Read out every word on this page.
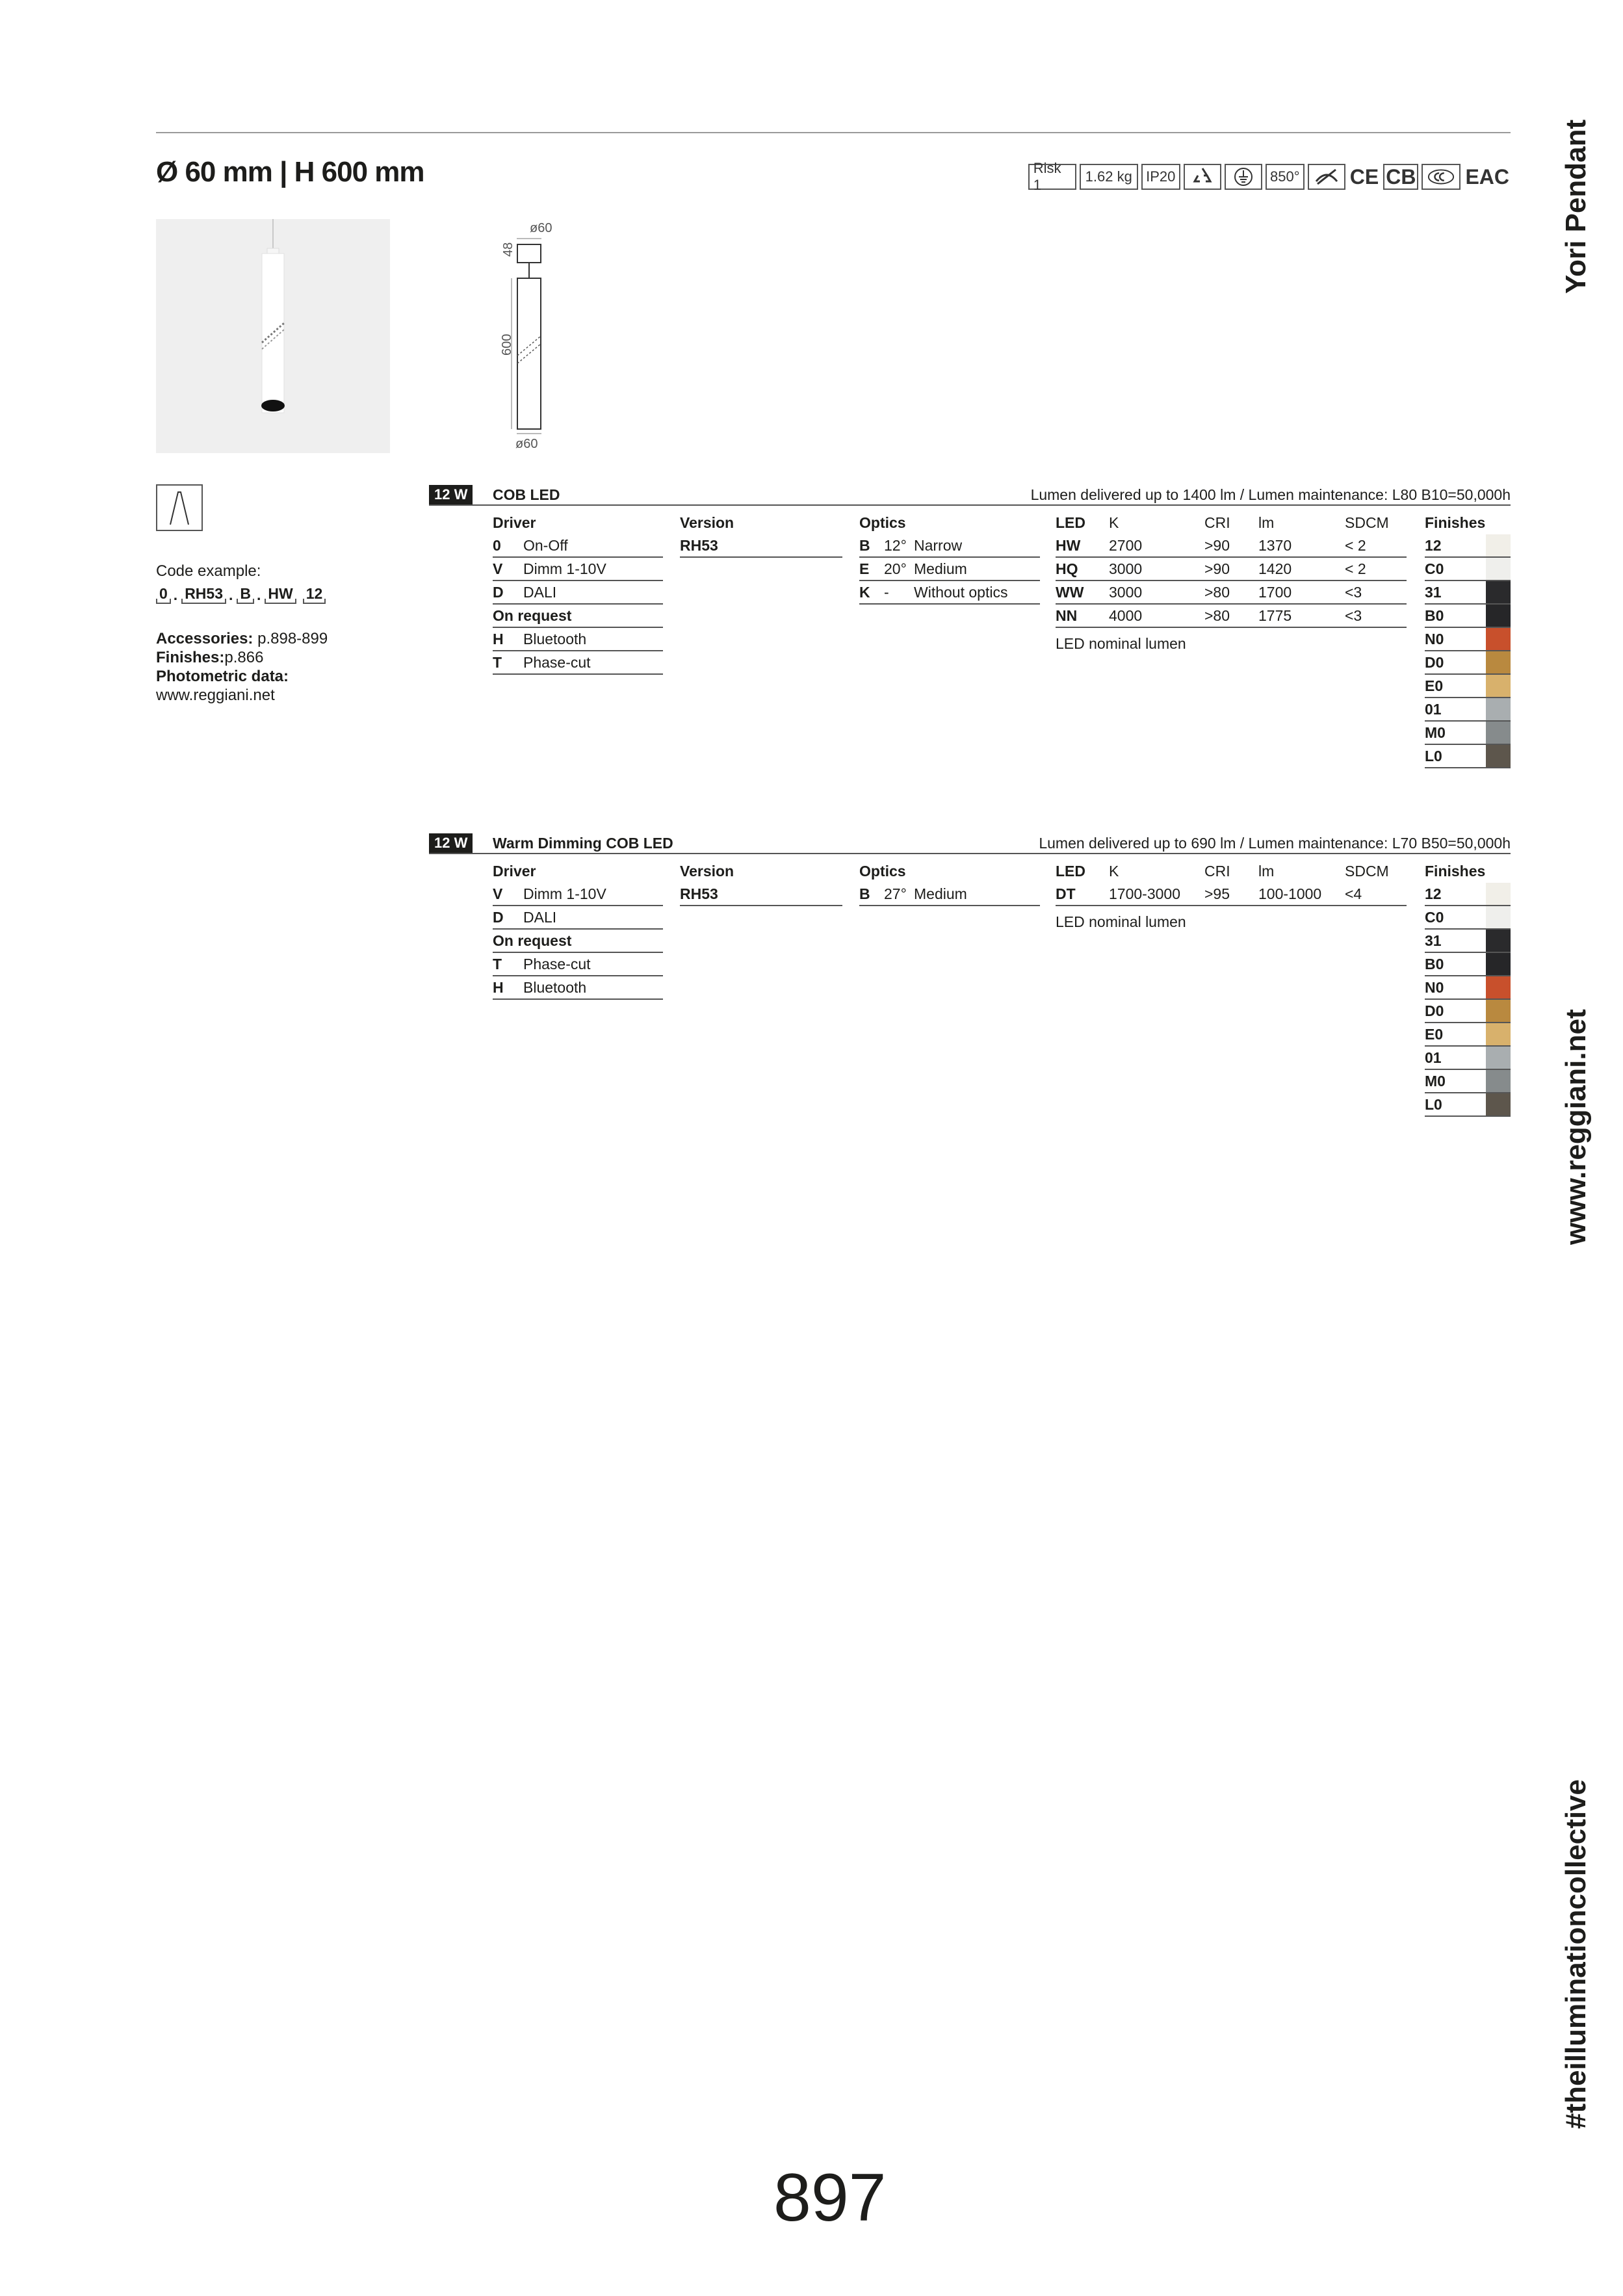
Ø 60 mm | H 600 mm	Risk 1
1.62 kg IP20	850° CE CB EAC Yori Pendant
www.reggiani.net
#theilluminationcollective
ø60
48
600
ø60
Code example:
0 . RH53 . B . HW 12
Accessories: p.898-899
Finishes:p.866
Photometric data:
www.reggiani.net
12 W	COB LED	Lumen delivered up to 1400 lm / Lumen maintenance: L80 B10=50,000h
Driver
0	On-Off
V	Dimm 1-10V
D	DALI
On request
H	Bluetooth
T	Phase-cut
Version
RH53
Optics
B 12° Narrow
E 20° Medium
K -	Without optics
LED	K	CRI	lm	SDCM
HW	2700	>90	1370	< 2
HQ	3000	>90	1420	< 2
WW	3000	>80	1700	<3
NN	4000	>80	1775	<3
LED nominal lumen
Finishes
12
C0
31
B0
N0
D0
E0
01
M0
L0
12 W	Warm Dimming COB LED	Lumen delivered up to 690 lm / Lumen maintenance: L70 B50=50,000h
Driver
V	Dimm 1-10V
D	DALI
On request
T	Phase-cut
H	Bluetooth
Version
RH53
Optics
B 27° Medium
LED	K	CRI	lm	SDCM
DT	1700-3000	>95	100-1000	<4
LED nominal lumen
Finishes
12
C0
31
B0
N0
D0
E0
01
M0
L0
897
